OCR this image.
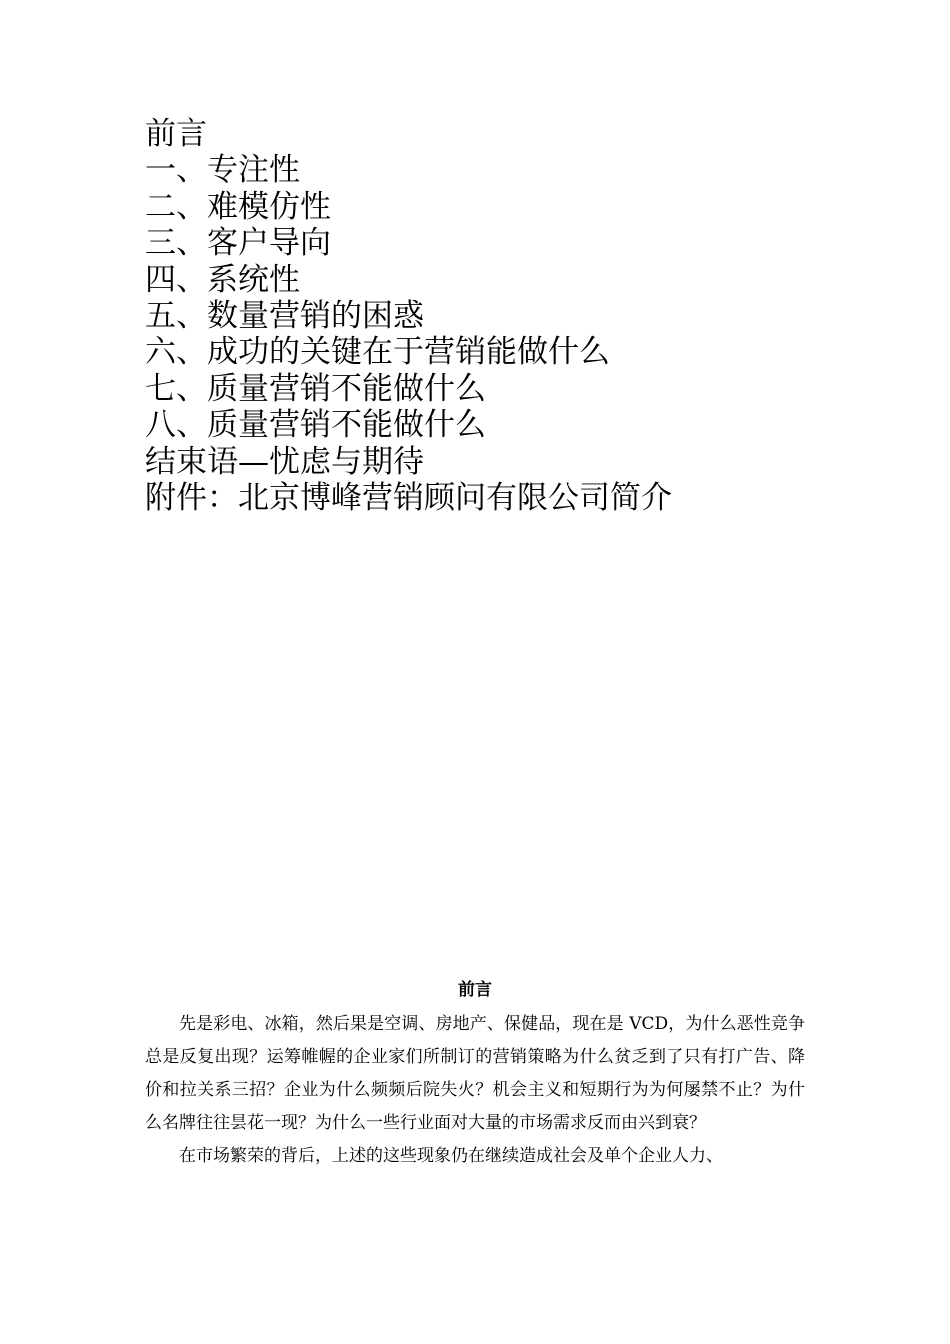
前言
一、专注性
二、难模仿性
三、客户导向
四、系统性
五、数量营销的困惑
六、成功的关键在于营销能做什么
七、质量营销不能做什么
八、质量营销不能做什么
结束语—忧虑与期待
附件：北京博峰营销顾问有限公司简介
前言

先是彩电、冰箱，然后果是空调、房地产、保健品，现在是 VCD，为什么恶性竞争总是反复出现？运筹帷幄的企业家们所制订的营销策略为什么贫乏到了只有打广告、降价和拉关系三招？企业为什么频频后院失火？机会主义和短期行为为何屡禁不止？为什么名牌往往昙花一现？为什么一些行业面对大量的市场需求反而由兴到衰？

在市场繁荣的背后，上述的这些现象仍在继续造成社会及单个企业人力、
